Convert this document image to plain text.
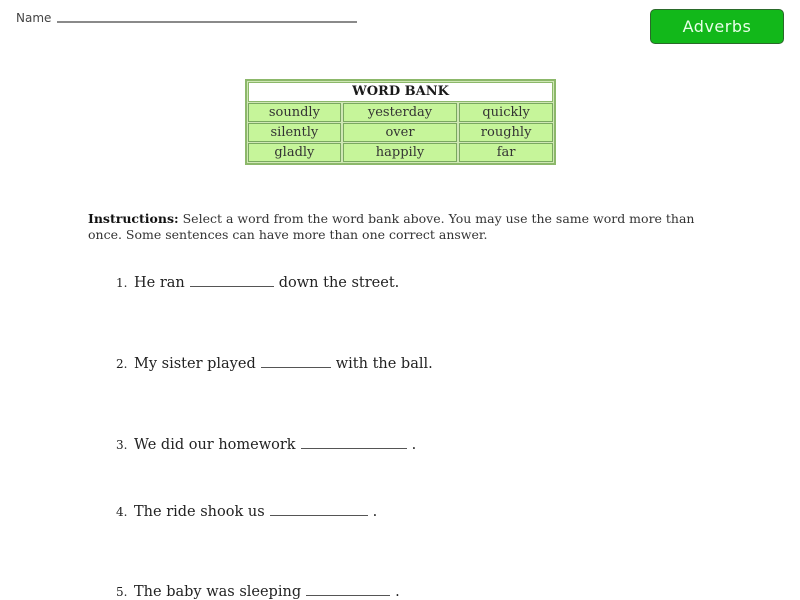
Name	Adverbs
WORD BANK
soundly	yesterday	quickly
silently	over	roughly
gladly	happily	far
Instructions: Select a word from the word bank above. You may use the same word more than once. Some sentences can have more than one correct answer.
1. He ran	down the street.
2. My sister played	with the ball.
3. We did our homework	.
4. The ride shook us	.
5. The baby was sleeping	.
